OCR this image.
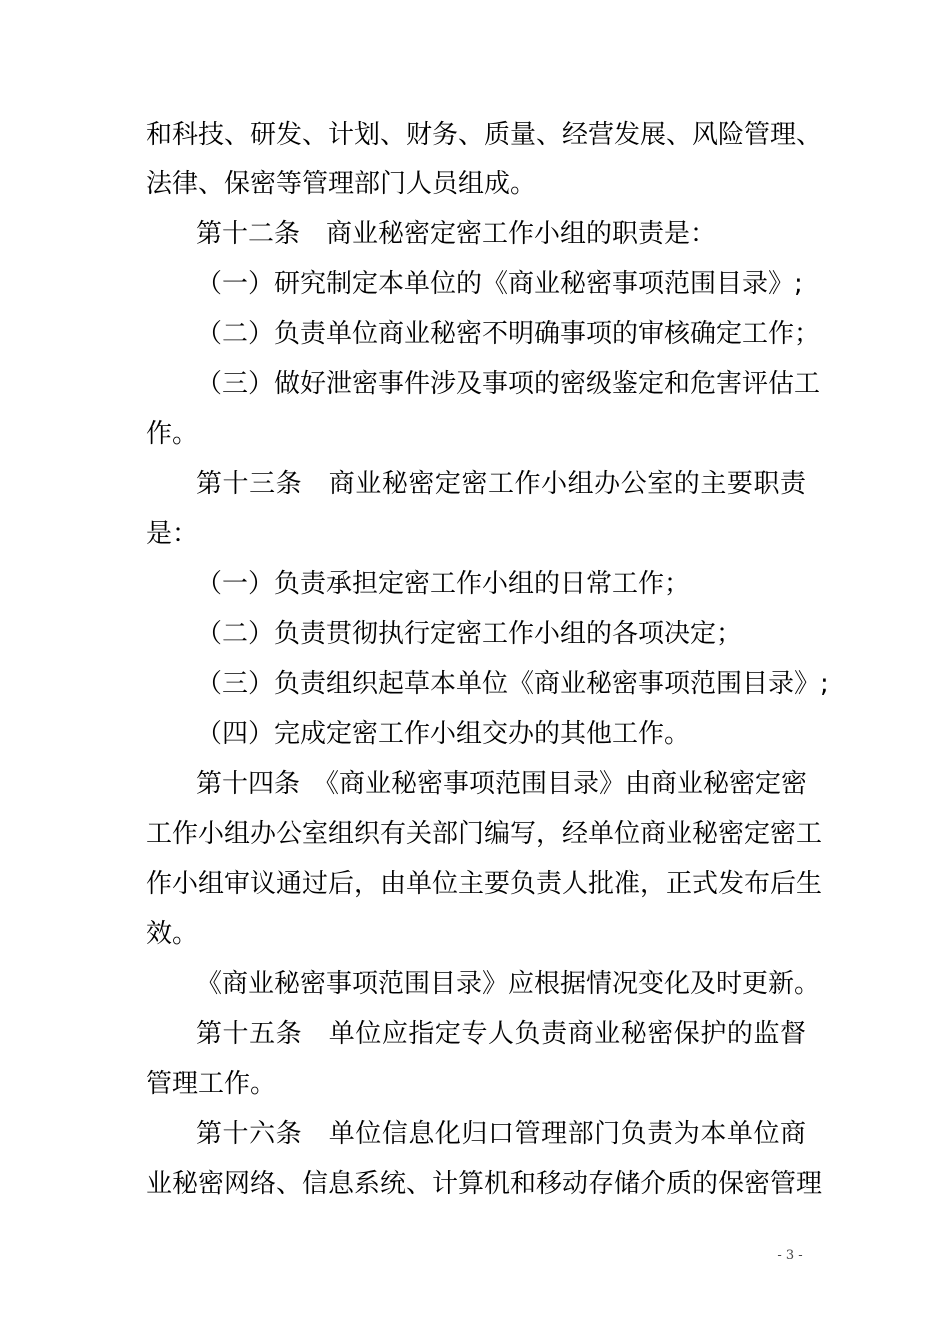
和科技、研发、计划、财务、质量、经营发展、风险管理、
法律、保密等管理部门人员组成。
第十二条　商业秘密定密工作小组的职责是：
（一）研究制定本单位的《商业秘密事项范围目录》;
（二）负责单位商业秘密不明确事项的审核确定工作；
（三）做好泄密事件涉及事项的密级鉴定和危害评估工
作。
第十三条　商业秘密定密工作小组办公室的主要职责
是：
（一）负责承担定密工作小组的日常工作；
（二）负责贯彻执行定密工作小组的各项决定；
（三）负责组织起草本单位《商业秘密事项范围目录》;
（四）完成定密工作小组交办的其他工作。
第十四条　《商业秘密事项范围目录》由商业秘密定密
工作小组办公室组织有关部门编写，经单位商业秘密定密工
作小组审议通过后，由单位主要负责人批准，正式发布后生
效。
《商业秘密事项范围目录》应根据情况变化及时更新。
第十五条　单位应指定专人负责商业秘密保护的监督
管理工作。
第十六条　单位信息化归口管理部门负责为本单位商
业秘密网络、信息系统、计算机和移动存储介质的保密管理
- 3 -
